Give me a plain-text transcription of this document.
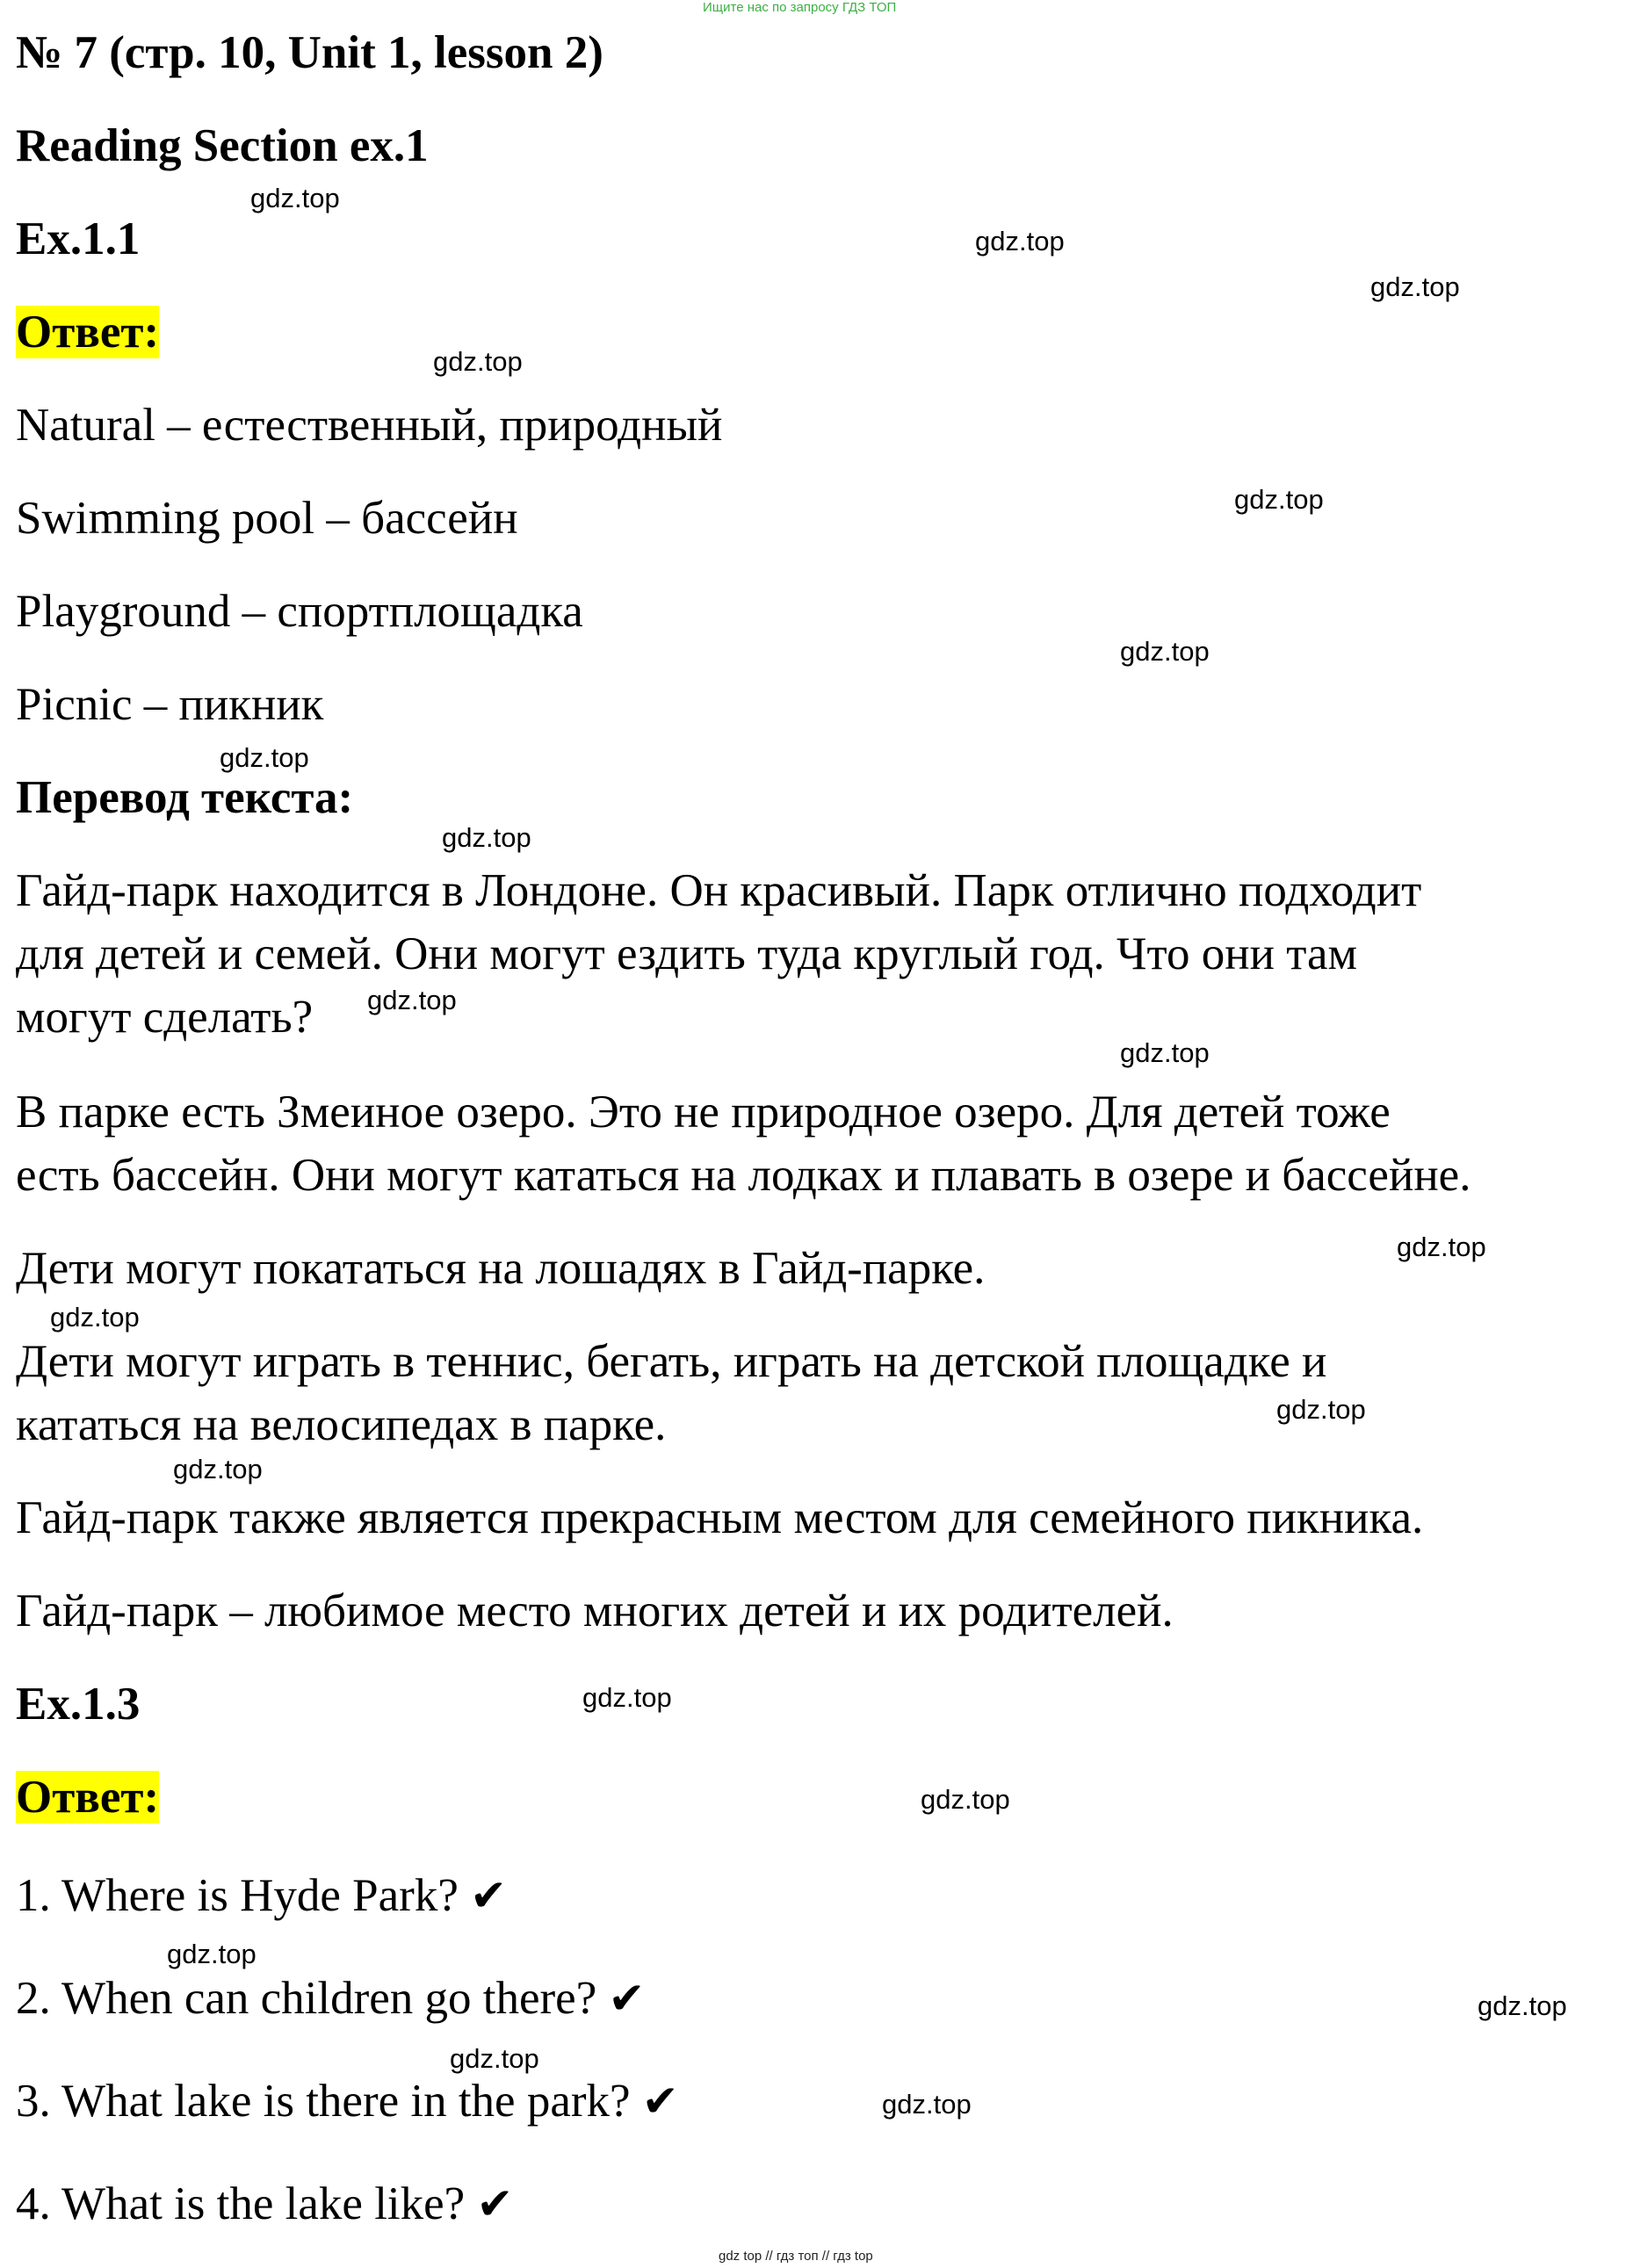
Ищите нас по запросу ГДЗ ТОП
№ 7 (стр. 10, Unit 1, lesson 2)
Reading Section ex.1
Ex.1.1
Ответ:
Natural – естественный, природный
Swimming pool – бассейн
Playground – спортплощадка
Picnic – пикник
Перевод текста:
Гайд-парк находится в Лондоне. Он красивый. Парк отлично подходит
для детей и семей. Они могут ездить туда круглый год. Что они там
могут сделать?
В парке есть Змеиное озеро. Это не природное озеро. Для детей тоже
есть бассейн. Они могут кататься на лодках и плавать в озере и бассейне.
Дети могут покататься на лошадях в Гайд-парке.
Дети могут играть в теннис, бегать, играть на детской площадке и
кататься на велосипедах в парке.
Гайд-парк также является прекрасным местом для семейного пикника.
Гайд-парк – любимое место многих детей и их родителей.
Ex.1.3
Ответ:
1. Where is Hyde Park? ✔
2. When can children go there? ✔
3. What lake is there in the park? ✔
4. What is the lake like? ✔
gdz.top
gdz.top
gdz.top
gdz.top
gdz.top
gdz.top
gdz.top
gdz.top
gdz.top
gdz.top
gdz.top
gdz.top
gdz.top
gdz.top
gdz.top
gdz.top
gdz.top
gdz.top
gdz.top
gdz.top
gdz top // гдз топ // гдз top
